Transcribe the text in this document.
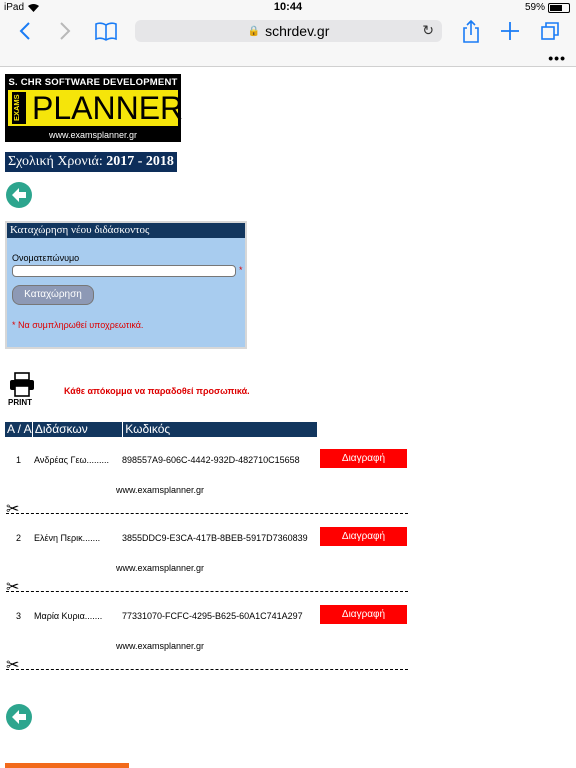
iPad	10:44	59%
🔒 schrdev.gr	↻
•••
S. CHR SOFTWARE DEVELOPMENT
EXAMS PLANNER
www.examsplanner.gr
Σχολική Χρονιά: 2017 - 2018
Καταχώρηση νέου διδάσκοντος
Ονοματεπώνυμο
*
Καταχώρηση
* Να συμπληρωθεί υποχρεωτικά.
PRINT
Κάθε απόκομμα να παραδοθεί προσωπικά.
A / A Διδάσκων	Κωδικός
1 Ανδρέας Γεω......... 898557A9-606C-4442-932D-482710C15658	Διαγραφή
www.examsplanner.gr
✂
2 Ελένη Περικ....... 3855DDC9-E3CA-417B-8BEB-5917D7360839	Διαγραφή
www.examsplanner.gr
✂
3 Μαρία Κυρια....... 77331070-FCFC-4295-B625-60A1C741A297	Διαγραφή
www.examsplanner.gr
✂
